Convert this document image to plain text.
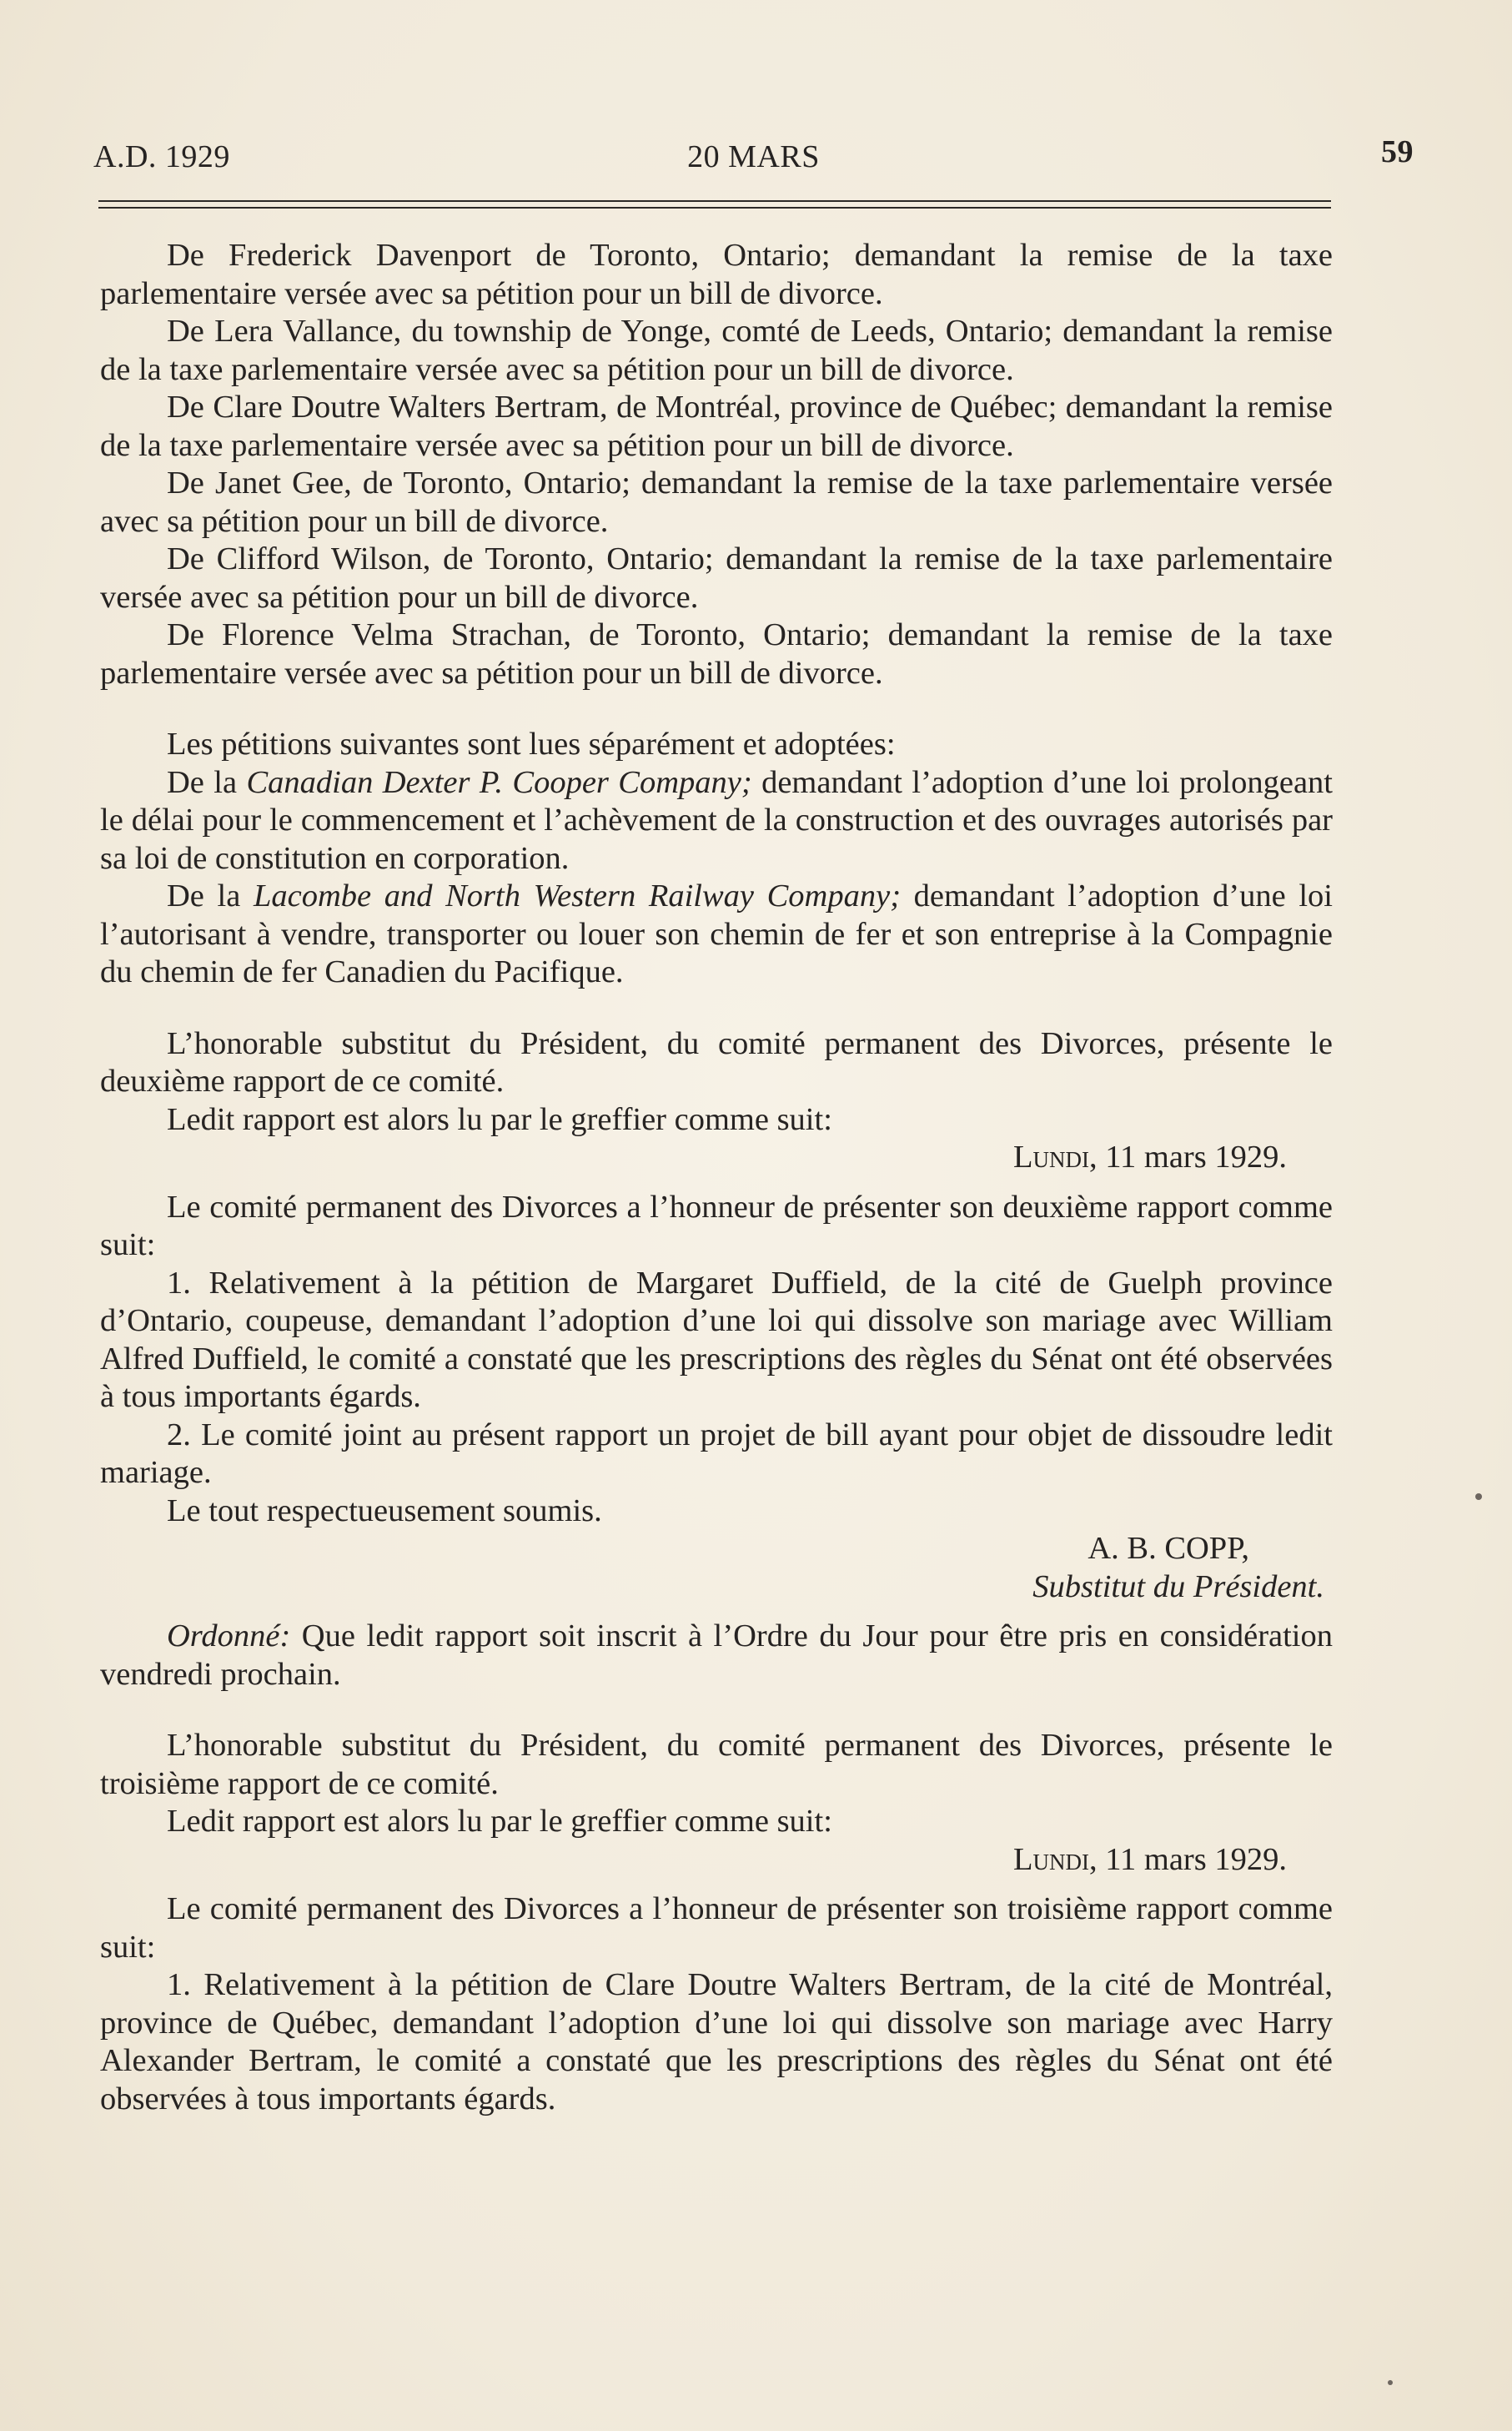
A.D. 1929	20 MARS	59

De Frederick Davenport de Toronto, Ontario; demandant la remise de la taxe parlementaire versée avec sa pétition pour un bill de divorce.

De Lera Vallance, du township de Yonge, comté de Leeds, Ontario; demandant la remise de la taxe parlementaire versée avec sa pétition pour un bill de divorce.

De Clare Doutre Walters Bertram, de Montréal, province de Québec; demandant la remise de la taxe parlementaire versée avec sa pétition pour un bill de divorce.

De Janet Gee, de Toronto, Ontario; demandant la remise de la taxe parlementaire versée avec sa pétition pour un bill de divorce.

De Clifford Wilson, de Toronto, Ontario; demandant la remise de la taxe parlementaire versée avec sa pétition pour un bill de divorce.

De Florence Velma Strachan, de Toronto, Ontario; demandant la remise de la taxe parlementaire versée avec sa pétition pour un bill de divorce.

Les pétitions suivantes sont lues séparément et adoptées:

De la Canadian Dexter P. Cooper Company; demandant l’adoption d’une loi prolongeant le délai pour le commencement et l’achèvement de la construction et des ouvrages autorisés par sa loi de constitution en corporation.

De la Lacombe and North Western Railway Company; demandant l’adoption d’une loi l’autorisant à vendre, transporter ou louer son chemin de fer et son entreprise à la Compagnie du chemin de fer Canadien du Pacifique.

L’honorable substitut du Président, du comité permanent des Divorces, présente le deuxième rapport de ce comité.

Ledit rapport est alors lu par le greffier comme suit:

Lundi, 11 mars 1929.

Le comité permanent des Divorces a l’honneur de présenter son deuxième rapport comme suit:

1. Relativement à la pétition de Margaret Duffield, de la cité de Guelph province d’Ontario, coupeuse, demandant l’adoption d’une loi qui dissolve son mariage avec William Alfred Duffield, le comité a constaté que les prescriptions des règles du Sénat ont été observées à tous importants égards.

2. Le comité joint au présent rapport un projet de bill ayant pour objet de dissoudre ledit mariage.

Le tout respectueusement soumis.

A. B. COPP,

Substitut du Président.

Ordonné: Que ledit rapport soit inscrit à l’Ordre du Jour pour être pris en considération vendredi prochain.

L’honorable substitut du Président, du comité permanent des Divorces, présente le troisième rapport de ce comité.

Ledit rapport est alors lu par le greffier comme suit:

Lundi, 11 mars 1929.

Le comité permanent des Divorces a l’honneur de présenter son troisième rapport comme suit:

1. Relativement à la pétition de Clare Doutre Walters Bertram, de la cité de Montréal, province de Québec, demandant l’adoption d’une loi qui dissolve son mariage avec Harry Alexander Bertram, le comité a constaté que les prescriptions des règles du Sénat ont été observées à tous importants égards.
